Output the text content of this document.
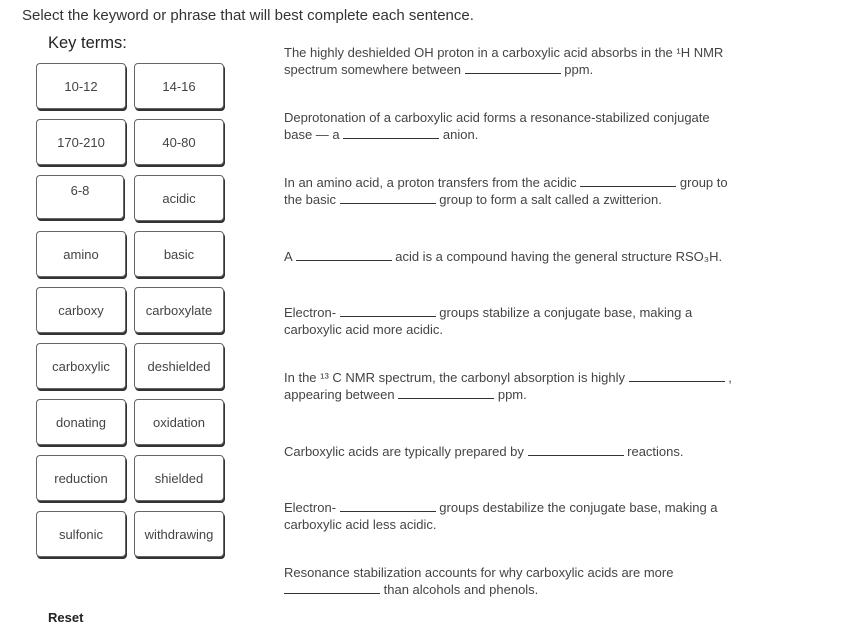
Select the keyword or phrase that will best complete each sentence.
Key terms:
10-12	14-16
170-210	40-80
6-8	acidic
amino	basic
carboxy	carboxylate
carboxylic	deshielded
donating	oxidation
reduction	shielded
sulfonic	withdrawing
Reset
The highly deshielded OH proton in a carboxylic acid absorbs in the ¹H NMR
spectrum somewhere between	ppm.
Deprotonation of a carboxylic acid forms a resonance-stabilized conjugate
base — a	anion.
In an amino acid, a proton transfers from the acidic	group to
the basic	group to form a salt called a zwitterion.
A	acid is a compound having the general structure RSO₃H.
Electron-	groups stabilize a conjugate base, making a
carboxylic acid more acidic.
In the ¹³ C NMR spectrum, the carbonyl absorption is highly	,
appearing between	ppm.
Carboxylic acids are typically prepared by	reactions.
Electron-	groups destabilize the conjugate base, making a
carboxylic acid less acidic.
Resonance stabilization accounts for why carboxylic acids are more
than alcohols and phenols.
